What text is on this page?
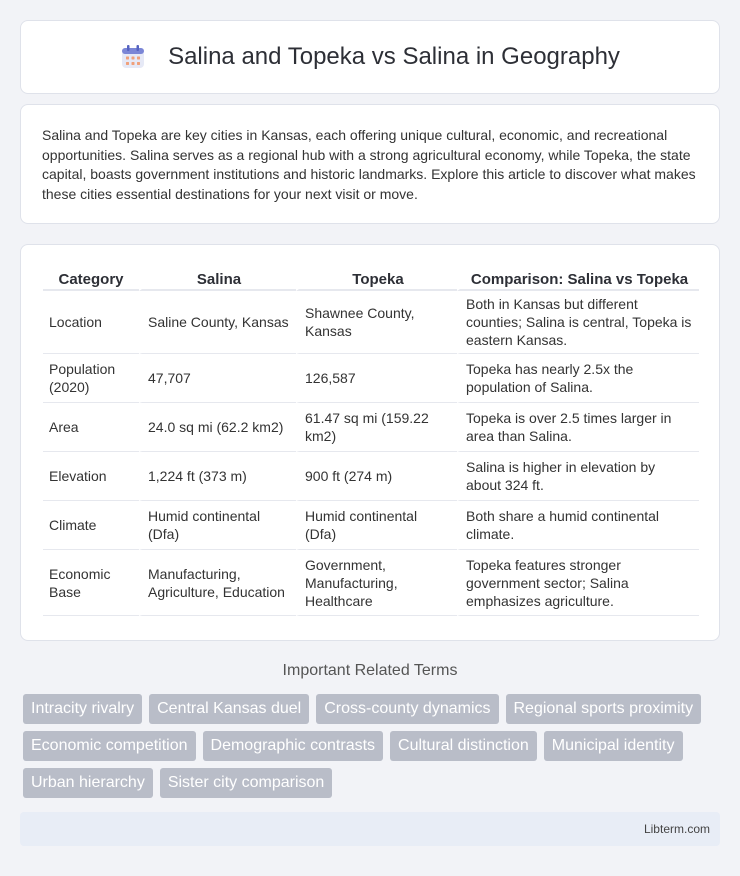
Salina and Topeka vs Salina in Geography

Salina and Topeka are key cities in Kansas, each offering unique cultural, economic, and recreational opportunities. Salina serves as a regional hub with a strong agricultural economy, while Topeka, the state capital, boasts government institutions and historic landmarks. Explore this article to discover what makes these cities essential destinations for your next visit or move.

Category	Salina	Topeka	Comparison: Salina vs Topeka
Location	Saline County, Kansas	Shawnee County, Kansas	Both in Kansas but different counties; Salina is central, Topeka is eastern Kansas.
Population (2020)	47,707	126,587	Topeka has nearly 2.5x the population of Salina.
Area	24.0 sq mi (62.2 km2)	61.47 sq mi (159.22 km2)	Topeka is over 2.5 times larger in area than Salina.
Elevation	1,224 ft (373 m)	900 ft (274 m)	Salina is higher in elevation by about 324 ft.
Climate	Humid continental (Dfa)	Humid continental (Dfa)	Both share a humid continental climate.
Economic Base	Manufacturing, Agriculture, Education	Government, Manufacturing, Healthcare	Topeka features stronger government sector; Salina emphasizes agriculture.
Important Related Terms
Intracity rivalry	Central Kansas duel	Cross-county dynamics	Regional sports proximity
Economic competition	Demographic contrasts	Cultural distinction	Municipal identity
Urban hierarchy	Sister city comparison
Libterm.com
